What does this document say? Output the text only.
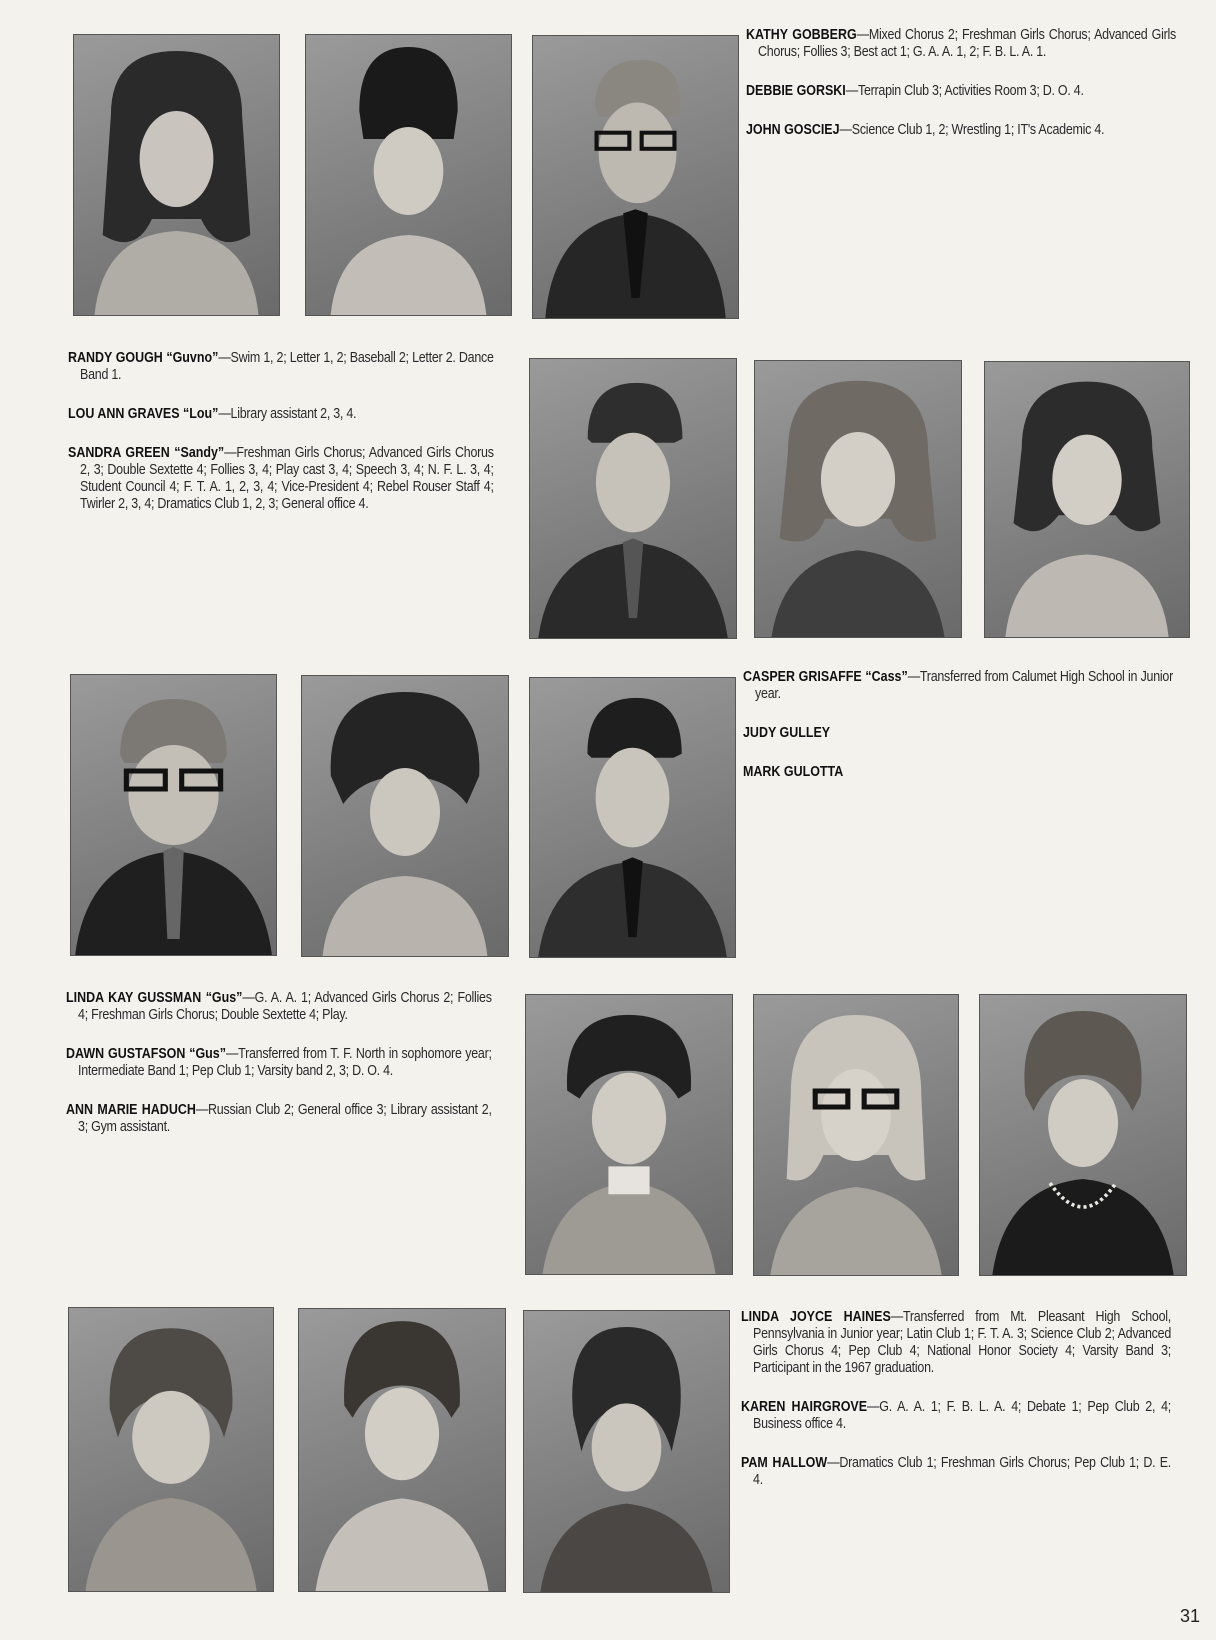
KATHY GOBBERG—Mixed Chorus 2; Freshman Girls Chorus; Advanced Girls Chorus; Follies 3; Best act 1; G. A. A. 1, 2; F. B. L. A. 1.

DEBBIE GORSKI—Terrapin Club 3; Activities Room 3; D. O. 4.

JOHN GOSCIEJ—Science Club 1, 2; Wrestling 1; IT's Academic 4.

RANDY GOUGH “Guvno”—Swim 1, 2; Letter 1, 2; Baseball 2; Letter 2. Dance Band 1.

LOU ANN GRAVES “Lou”—Library assistant 2, 3, 4.

SANDRA GREEN “Sandy”—Freshman Girls Chorus; Advanced Girls Chorus 2, 3; Double Sextette 4; Follies 3, 4; Play cast 3, 4; Speech 3, 4; N. F. L. 3, 4; Student Council 4; F. T. A. 1, 2, 3, 4; Vice-President 4; Rebel Rouser Staff 4; Twirler 2, 3, 4; Dramatics Club 1, 2, 3; General office 4.

CASPER GRISAFFE “Cass”—Transferred from Calumet High School in Junior year.

JUDY GULLEY

MARK GULOTTA

LINDA KAY GUSSMAN “Gus”—G. A. A. 1; Advanced Girls Chorus 2; Follies 4; Freshman Girls Chorus; Double Sextette 4; Play.

DAWN GUSTAFSON “Gus”—Transferred from T. F. North in sophomore year; Intermediate Band 1; Pep Club 1; Varsity band 2, 3; D. O. 4.

ANN MARIE HADUCH—Russian Club 2; General office 3; Library assistant 2, 3; Gym assistant.

LINDA JOYCE HAINES—Transferred from Mt. Pleasant High School, Pennsylvania in Junior year; Latin Club 1; F. T. A. 3; Science Club 2; Advanced Girls Chorus 4; Pep Club 4; National Honor Society 4; Varsity Band 3; Participant in the 1967 graduation.

KAREN HAIRGROVE—G. A. A. 1; F. B. L. A. 4; Debate 1; Pep Club 2, 4; Business office 4.

PAM HALLOW—Dramatics Club 1; Freshman Girls Chorus; Pep Club 1; D. E. 4.

31
